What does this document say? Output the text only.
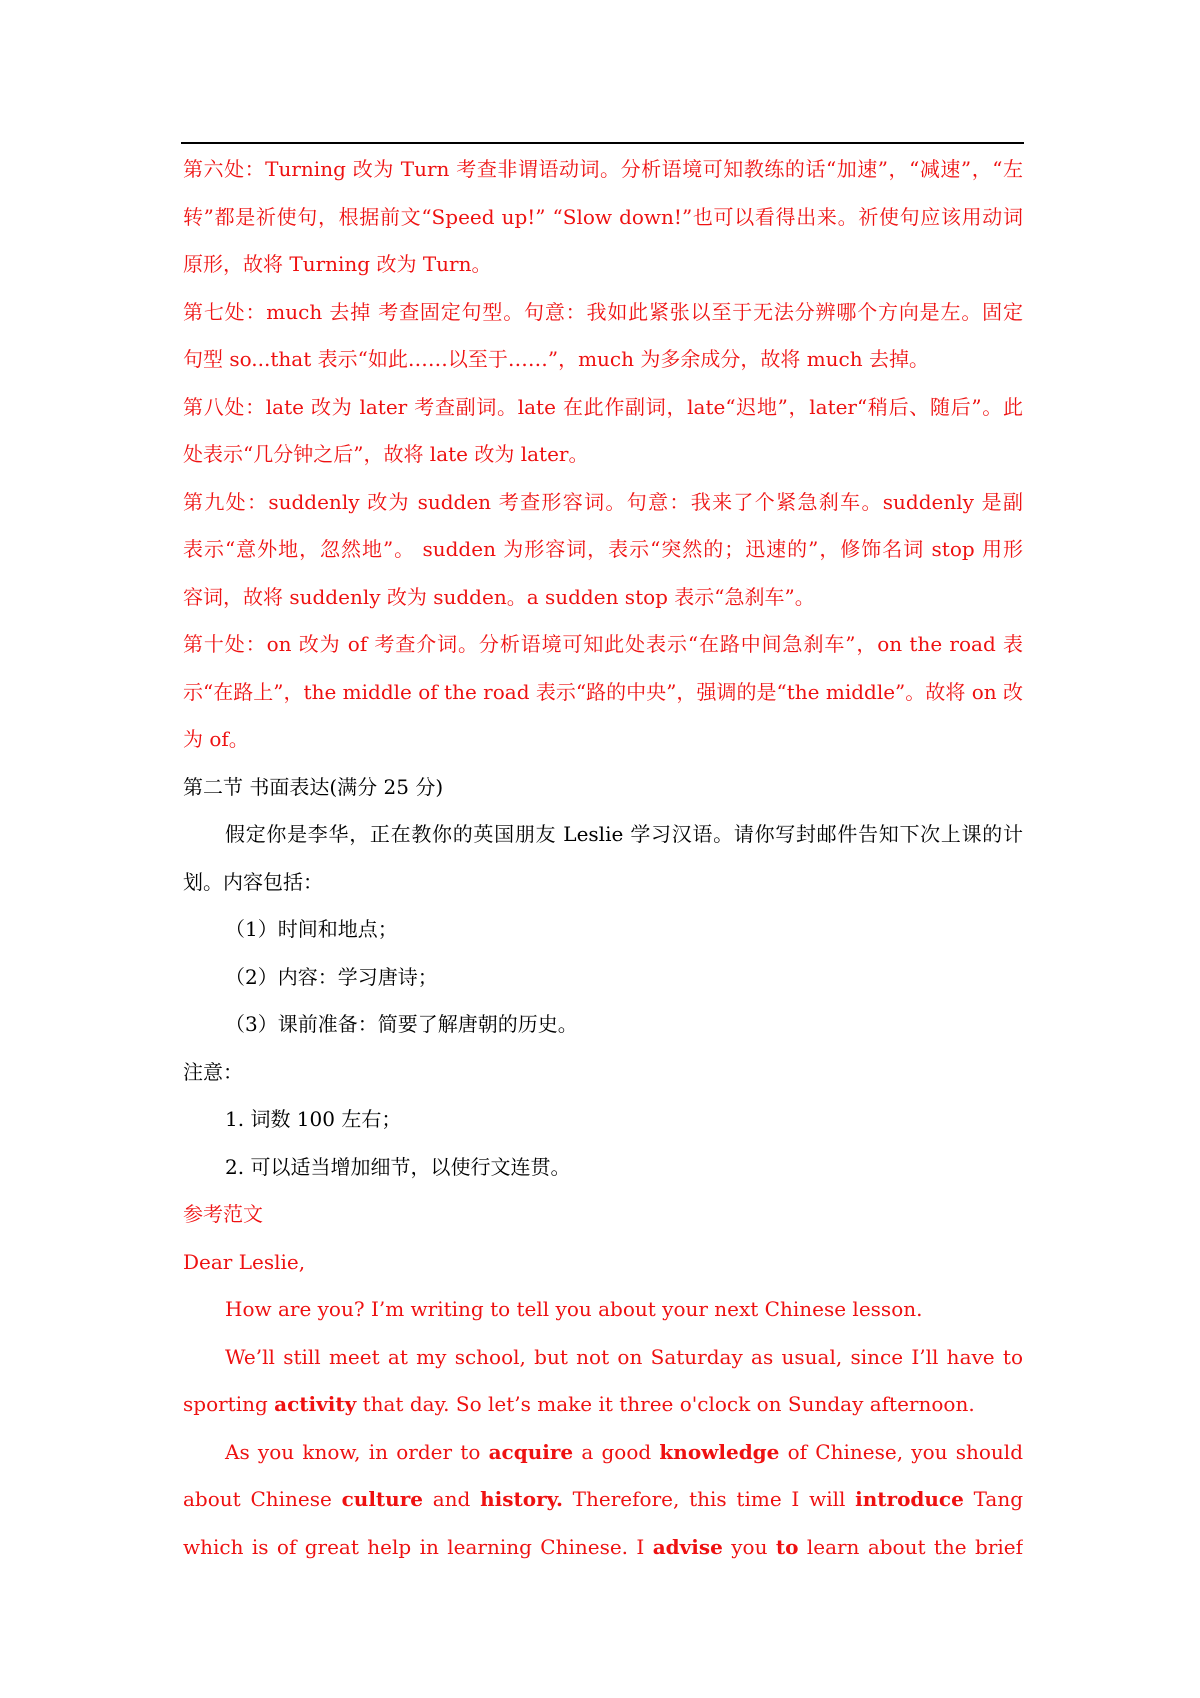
第六处：Turning 改为 Turn 考查非谓语动词。分析语境可知教练的话“加速”，“减速”，“左
转”都是祈使句，根据前文“Speed up!” “Slow down!”也可以看得出来。祈使句应该用动词
原形，故将 Turning 改为 Turn。
第七处：much 去掉 考查固定句型。句意：我如此紧张以至于无法分辨哪个方向是左。固定
句型 so...that 表示“如此……以至于……”，much 为多余成分，故将 much 去掉。
第八处：late 改为 later 考查副词。late 在此作副词，late“迟地”，later“稍后、随后”。此
处表示“几分钟之后”，故将 late 改为 later。
第九处：suddenly 改为 sudden 考查形容词。句意：我来了个紧急刹车。suddenly 是副
表示“意外地，忽然地”。 sudden 为形容词，表示“突然的；迅速的”，修饰名词 stop 用形
容词，故将 suddenly 改为 sudden。a sudden stop 表示“急刹车”。
第十处：on 改为 of 考查介词。分析语境可知此处表示“在路中间急刹车”，on the road 表
示“在路上”，the middle of the road 表示“路的中央”，强调的是“the middle”。故将 on 改
为 of。
第二节 书面表达(满分 25 分)
假定你是李华，正在教你的英国朋友 Leslie 学习汉语。请你写封邮件告知下次上课的计
划。内容包括：
（1）时间和地点；
（2）内容：学习唐诗；
（3）课前准备：简要了解唐朝的历史。
注意：
1. 词数 100 左右；
2. 可以适当增加细节，以使行文连贯。
参考范文
Dear Leslie,
How are you? I’m writing to tell you about your next Chinese lesson.
We’ll still meet at my school, but not on Saturday as usual, since I’ll have to
sporting activity that day. So let’s make it three o'clock on Sunday afternoon.
As you know, in order to acquire a good knowledge of Chinese, you should
about Chinese culture and history. Therefore, this time I will introduce Tang
which is of great help in learning Chinese. I advise you to learn about the brief
